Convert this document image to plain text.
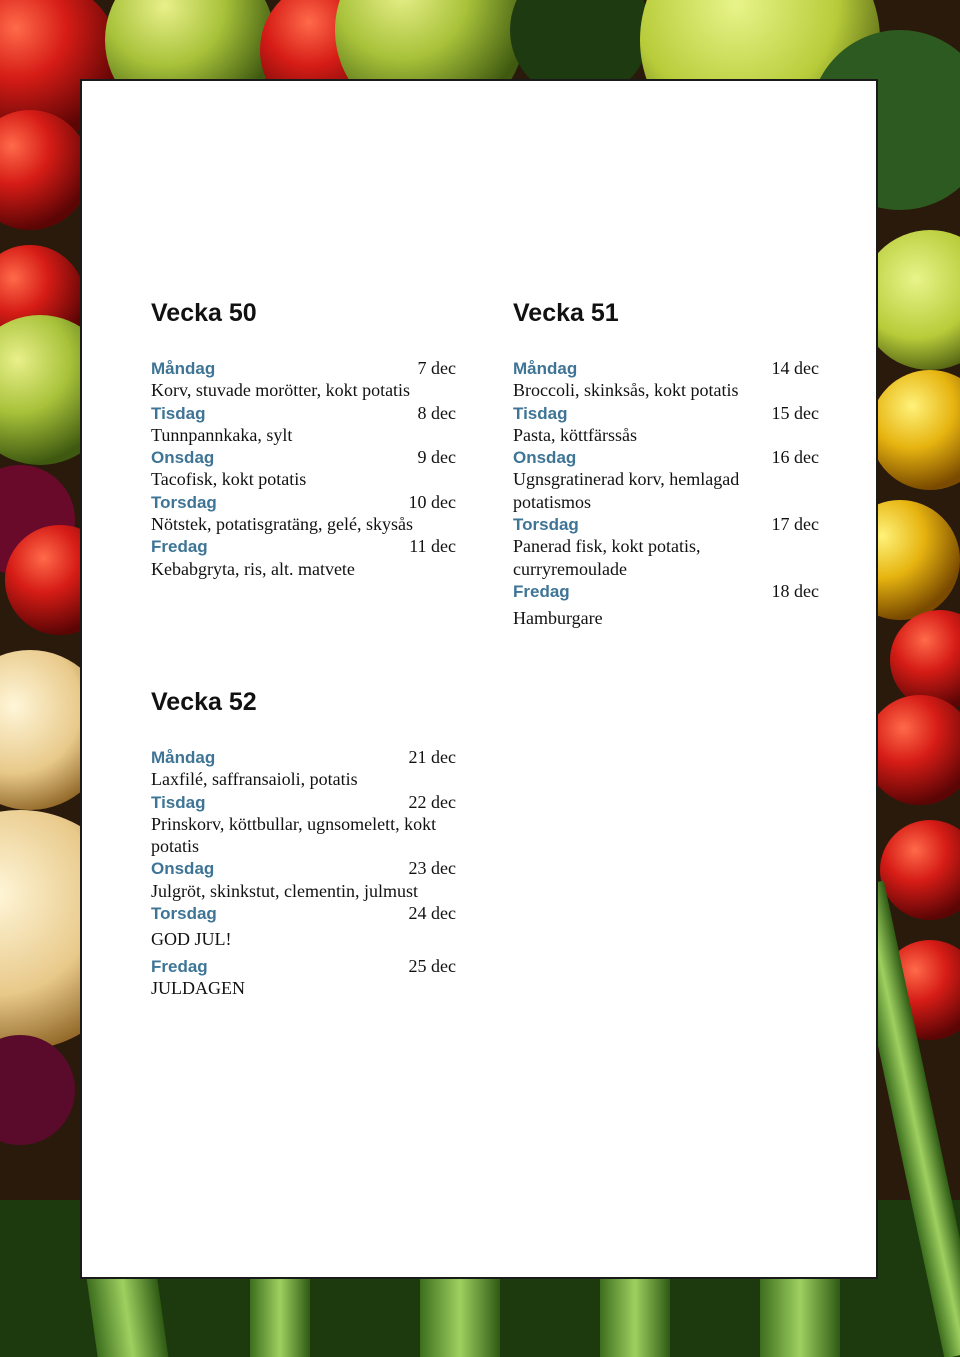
Vecka 50
Måndag	7 dec

Korv, stuvade morötter, kokt potatis

Tisdag	8 dec

Tunnpannkaka, sylt

Onsdag	9 dec

Tacofisk, kokt potatis

Torsdag	10 dec

Nötstek, potatisgratäng, gelé, skysås

Fredag	11 dec

Kebabgryta, ris, alt. matvete

Vecka 51
Måndag	14 dec

Broccoli, skinksås, kokt potatis

Tisdag	15 dec

Pasta, köttfärssås

Onsdag	16 dec

Ugnsgratinerad korv, hemlagad

potatismos

Torsdag	17 dec

Panerad fisk, kokt potatis,

curryremoulade

Fredag	18 dec

Hamburgare

Vecka 52
Måndag	21 dec

Laxfilé, saffransaioli, potatis

Tisdag	22 dec

Prinskorv, köttbullar, ugnsomelett, kokt

potatis

Onsdag	23 dec

Julgröt, skinkstut, clementin, julmust

Torsdag	24 dec

GOD JUL!

Fredag	25 dec

JULDAGEN
